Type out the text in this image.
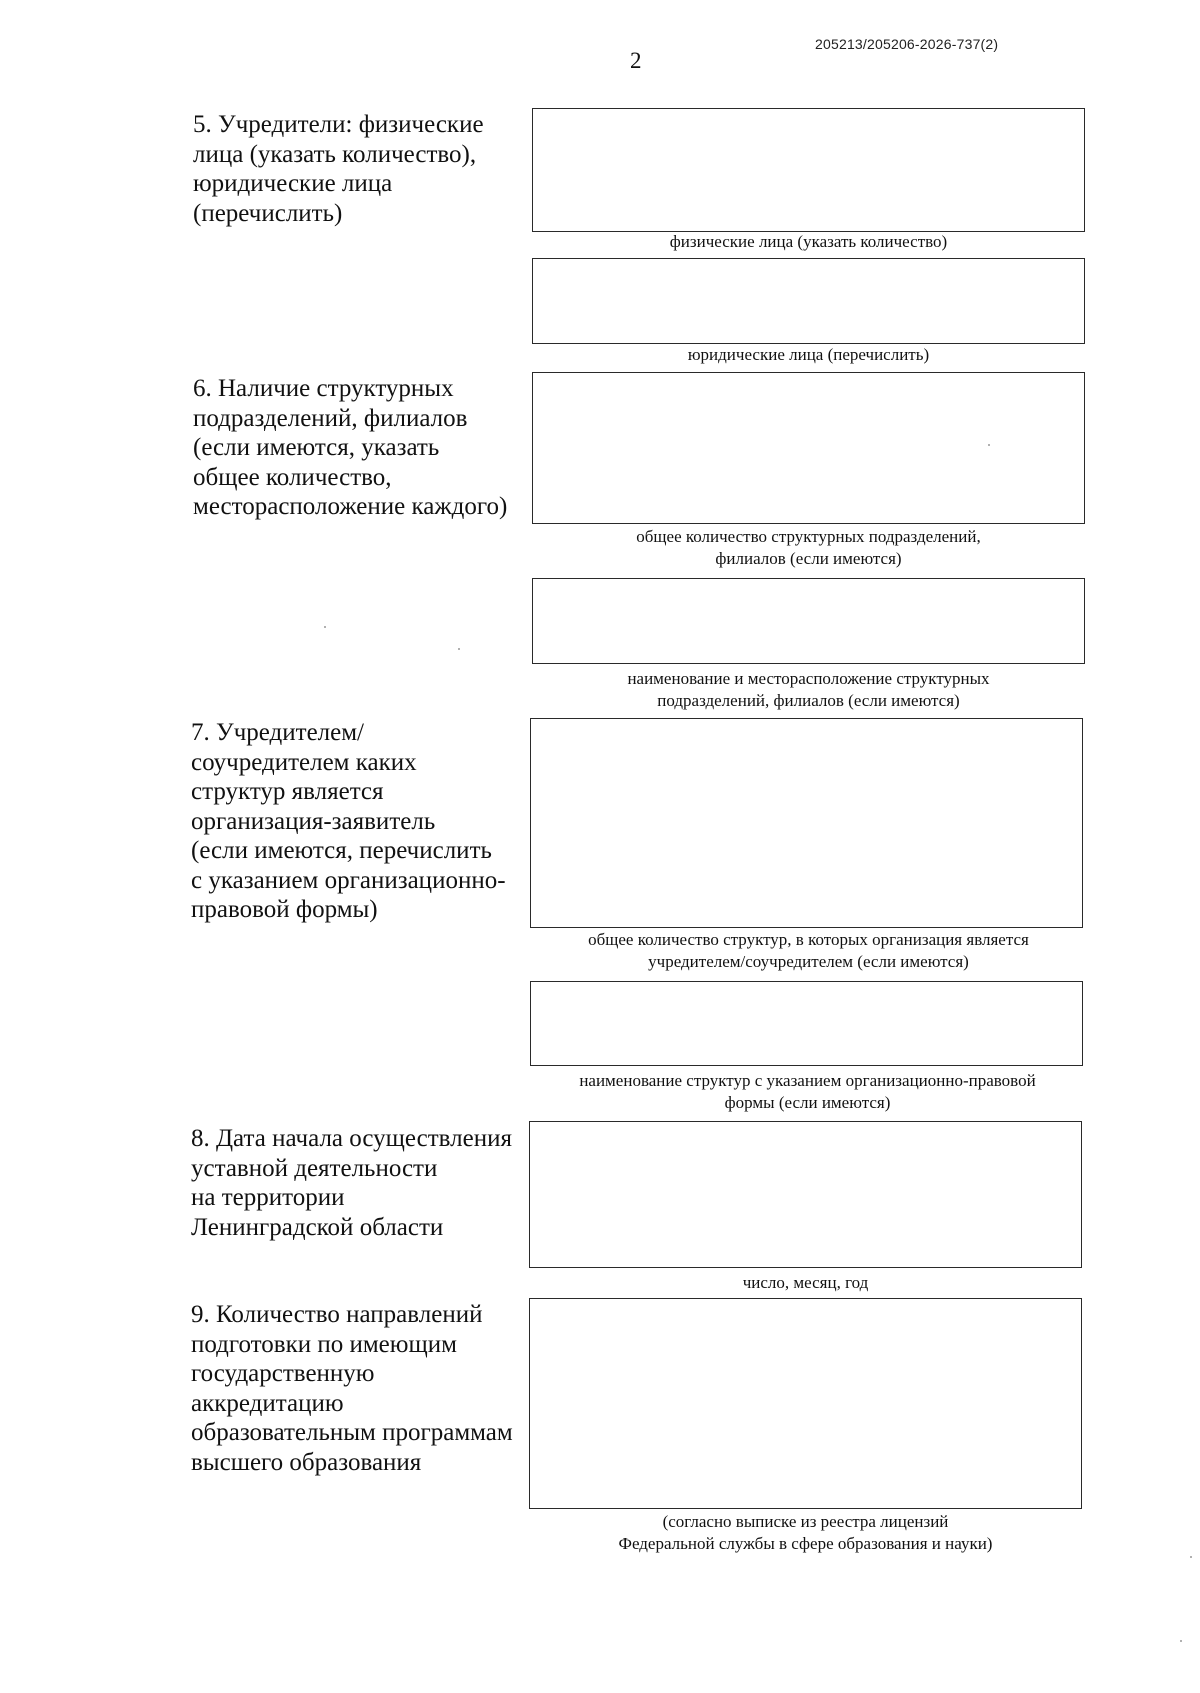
205213/205206-2026-737(2)
2
5. Учредители: физические
лица (указать количество),
юридические лица
(перечислить)
физические лица (указать количество)
юридические лица (перечислить)
6. Наличие структурных
подразделений, филиалов
(если имеются, указать
общее количество,
месторасположение каждого)
общее количество структурных подразделений,
филиалов (если имеются)
наименование и месторасположение структурных
подразделений, филиалов (если имеются)
7. Учредителем/
соучредителем каких
структур является
организация-заявитель
(если имеются, перечислить
с указанием организационно-
правовой формы)
общее количество структур, в которых организация является
учредителем/соучредителем (если имеются)
наименование структур с указанием организационно-правовой
формы (если имеются)
8. Дата начала осуществления
уставной деятельности
на территории
Ленинградской области
число, месяц, год
9. Количество направлений
подготовки по имеющим
государственную
аккредитацию
образовательным программам
высшего образования
(согласно выписке из реестра лицензий
Федеральной службы в сфере образования и науки)
